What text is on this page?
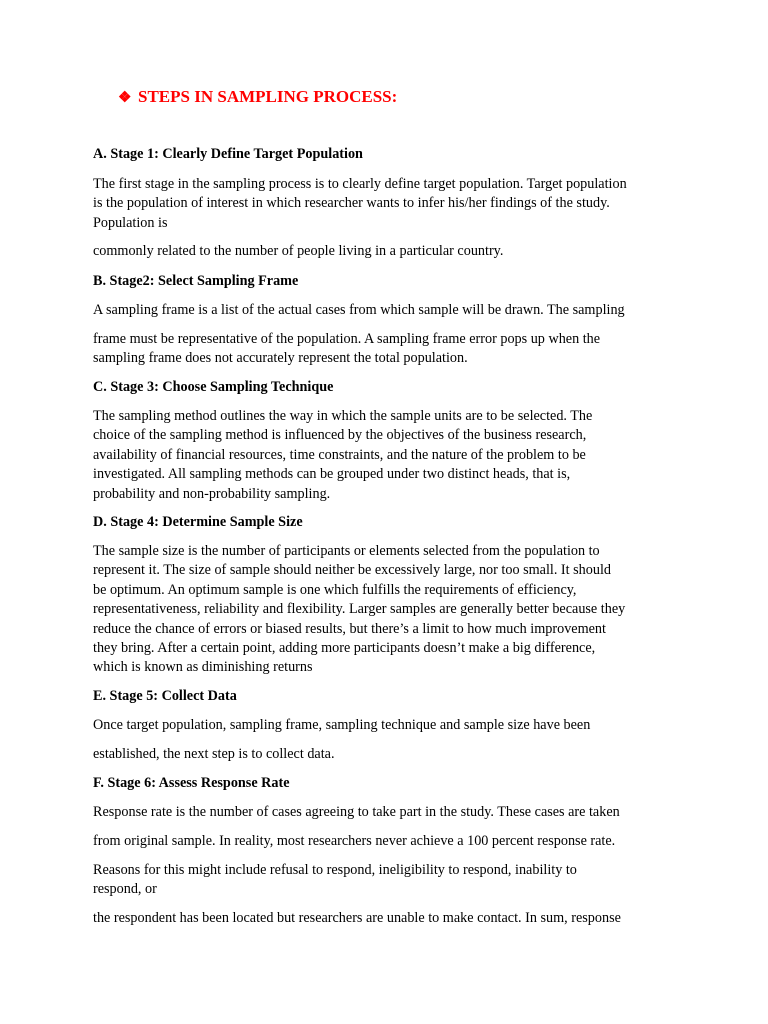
❖ STEPS IN SAMPLING PROCESS:
A. Stage 1: Clearly Define Target Population
The first stage in the sampling process is to clearly define target population. Target population
is the population of interest in which researcher wants to infer his/her findings of the study.
Population is
commonly related to the number of people living in a particular country.
B. Stage2: Select Sampling Frame
A sampling frame is a list of the actual cases from which sample will be drawn. The sampling
frame must be representative of the population. A sampling frame error pops up when the
sampling frame does not accurately represent the total population.
C. Stage 3: Choose Sampling Technique
The sampling method outlines the way in which the sample units are to be selected. The
choice of the sampling method is influenced by the objectives of the business research,
availability of financial resources, time constraints, and the nature of the problem to be
investigated. All sampling methods can be grouped under two distinct heads, that is,
probability and non-probability sampling.
D. Stage 4: Determine Sample Size
The sample size is the number of participants or elements selected from the population to
represent it. The size of sample should neither be excessively large, nor too small. It should
be optimum. An optimum sample is one which fulfills the requirements of efficiency,
representativeness, reliability and flexibility. Larger samples are generally better because they
reduce the chance of errors or biased results, but there’s a limit to how much improvement
they bring. After a certain point, adding more participants doesn’t make a big difference,
which is known as diminishing returns
E. Stage 5: Collect Data
Once target population, sampling frame, sampling technique and sample size have been
established, the next step is to collect data.
F. Stage 6: Assess Response Rate
Response rate is the number of cases agreeing to take part in the study. These cases are taken
from original sample. In reality, most researchers never achieve a 100 percent response rate.
Reasons for this might include refusal to respond, ineligibility to respond, inability to
respond, or
the respondent has been located but researchers are unable to make contact. In sum, response
